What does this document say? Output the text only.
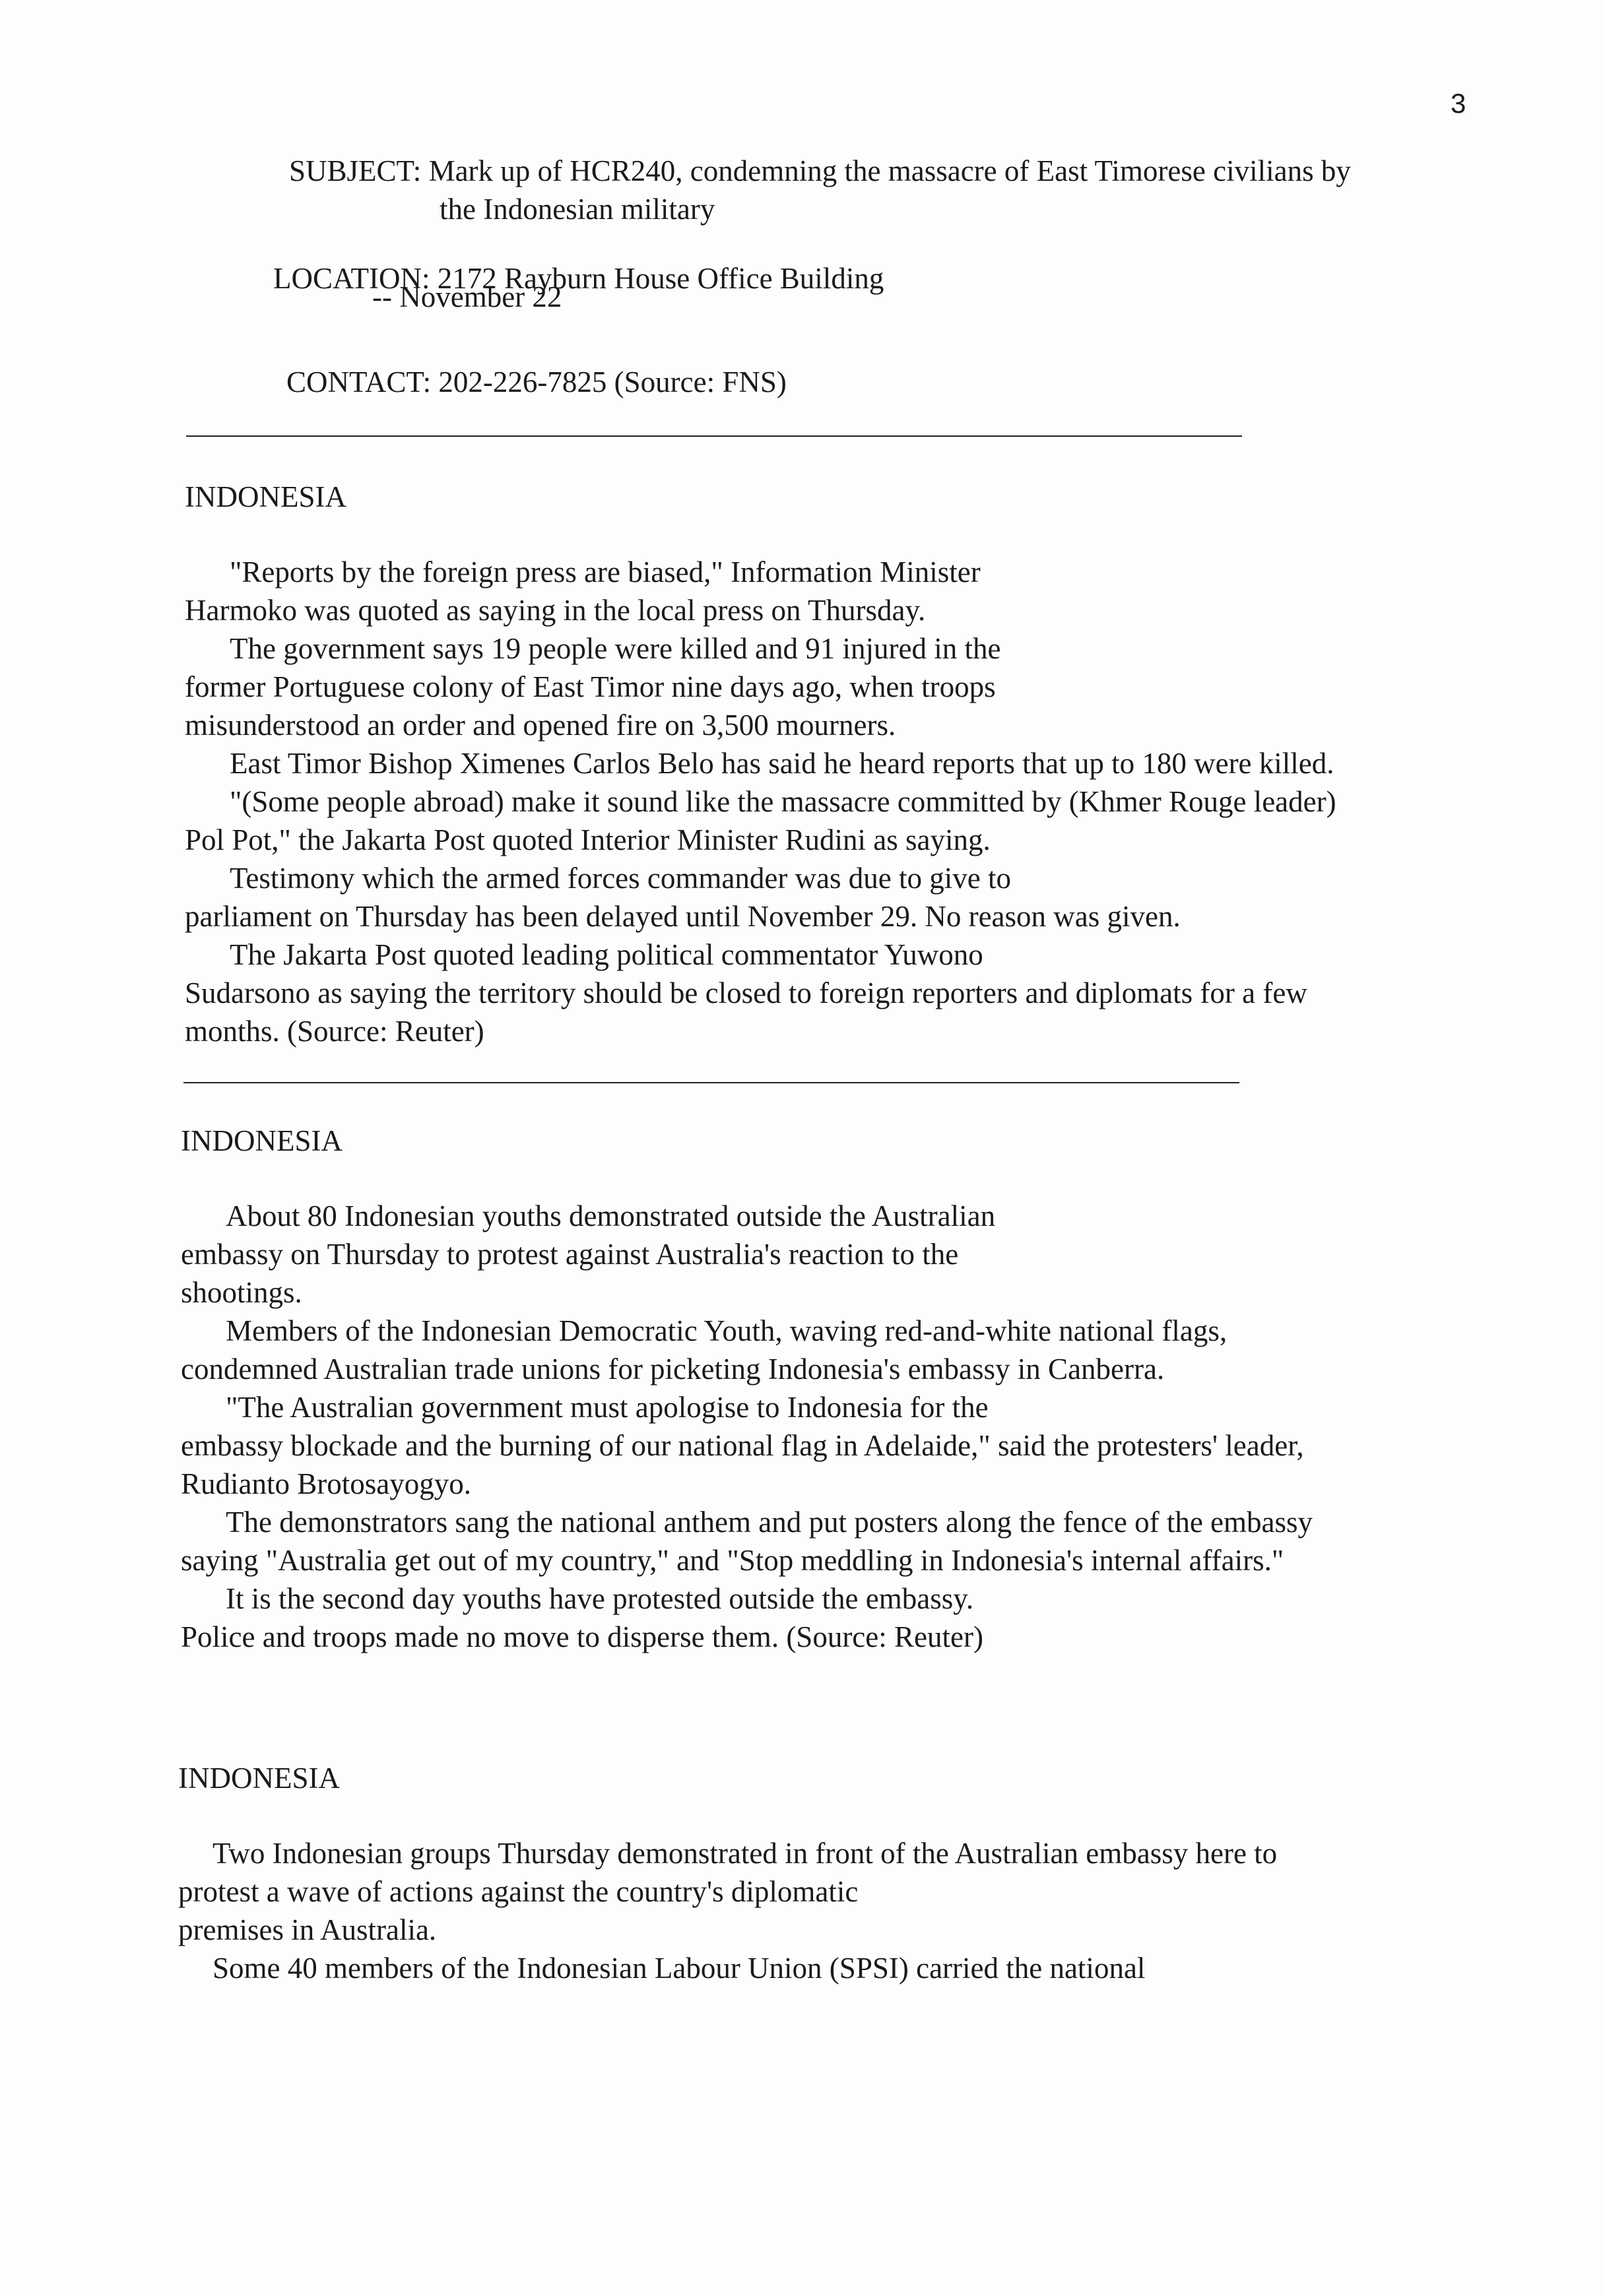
3
SUBJECT: Mark up of HCR240, condemning the massacre of East Timorese civilians by
the Indonesian military
LOCATION: 2172 Rayburn House Office Building
-- November 22
CONTACT: 202-226-7825 (Source: FNS)
INDONESIA
"Reports by the foreign press are biased," Information Minister
Harmoko was quoted as saying in the local press on Thursday.
The government says 19 people were killed and 91 injured in the
former Portuguese colony of East Timor nine days ago, when troops
misunderstood an order and opened fire on 3,500 mourners.
East Timor Bishop Ximenes Carlos Belo has said he heard reports that up to 180 were killed.
"(Some people abroad) make it sound like the massacre committed by (Khmer Rouge leader)
Pol Pot," the Jakarta Post quoted Interior Minister Rudini as saying.
Testimony which the armed forces commander was due to give to
parliament on Thursday has been delayed until November 29. No reason was given.
The Jakarta Post quoted leading political commentator Yuwono
Sudarsono as saying the territory should be closed to foreign reporters and diplomats for a few
months. (Source: Reuter)
INDONESIA
About 80 Indonesian youths demonstrated outside the Australian
embassy on Thursday to protest against Australia's reaction to the
shootings.
Members of the Indonesian Democratic Youth, waving red-and-white national flags,
condemned Australian trade unions for picketing Indonesia's embassy in Canberra.
"The Australian government must apologise to Indonesia for the
embassy blockade and the burning of our national flag in Adelaide," said the protesters' leader,
Rudianto Brotosayogyo.
The demonstrators sang the national anthem and put posters along the fence of the embassy
saying "Australia get out of my country," and "Stop meddling in Indonesia's internal affairs."
It is the second day youths have protested outside the embassy.
Police and troops made no move to disperse them. (Source: Reuter)
INDONESIA
Two Indonesian groups Thursday demonstrated in front of the Australian embassy here to
protest a wave of actions against the country's diplomatic
premises in Australia.
Some 40 members of the Indonesian Labour Union (SPSI) carried the national
